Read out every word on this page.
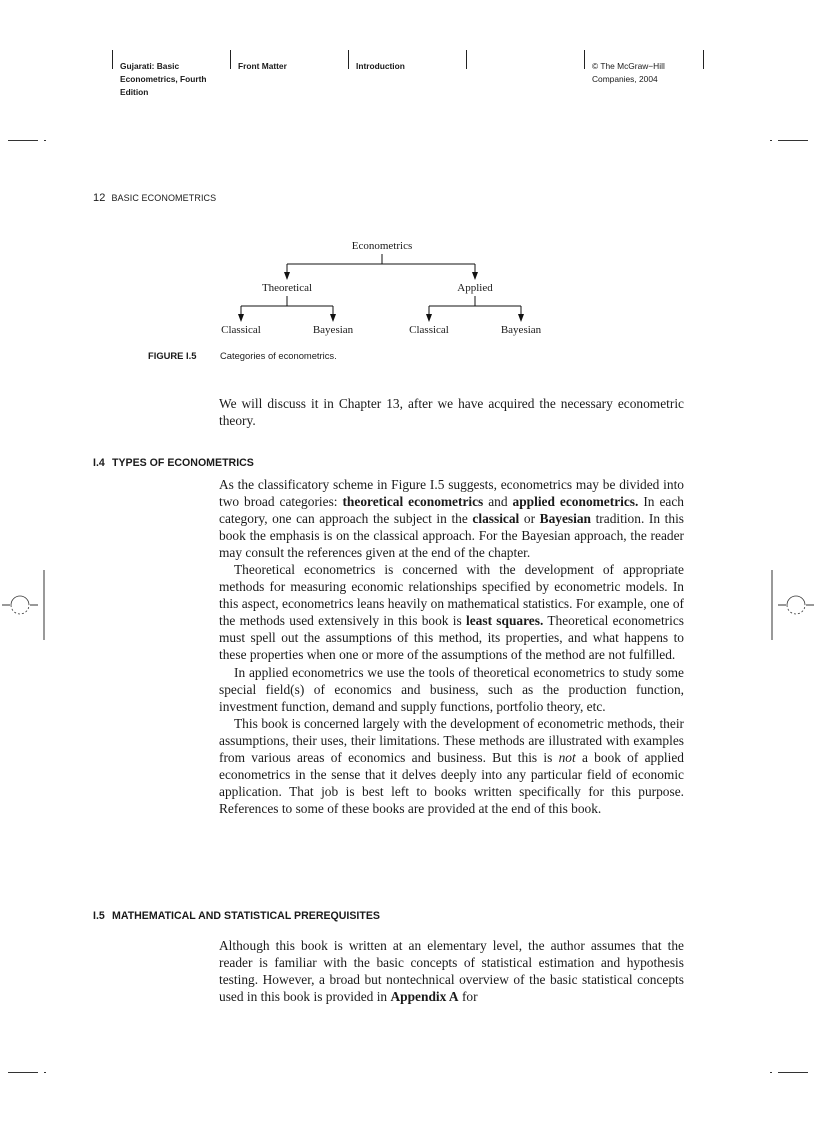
Gujarati: Basic
Econometrics, Fourth
Edition
Front Matter	Introduction	© The McGraw−Hill
Companies, 2004
12 BASIC ECONOMETRICS
Econometrics
Theoretical	Applied
Classical	Bayesian	Classical	Bayesian
FIGURE I.5	Categories of econometrics.

We will discuss it in Chapter 13, after we have acquired the necessary econometric theory.

I.4 TYPES OF ECONOMETRICS

As the classificatory scheme in Figure I.5 suggests, econometrics may be divided into two broad categories: theoretical econometrics and applied econometrics. In each category, one can approach the subject in the classical or Bayesian tradition. In this book the emphasis is on the classical approach. For the Bayesian approach, the reader may consult the references given at the end of the chapter.

Theoretical econometrics is concerned with the development of appropriate methods for measuring economic relationships specified by econometric models. In this aspect, econometrics leans heavily on mathematical statistics. For example, one of the methods used extensively in this book is least squares. Theoretical econometrics must spell out the assumptions of this method, its properties, and what happens to these properties when one or more of the assumptions of the method are not fulfilled.

In applied econometrics we use the tools of theoretical econometrics to study some special field(s) of economics and business, such as the production function, investment function, demand and supply functions, portfolio theory, etc.

This book is concerned largely with the development of econometric methods, their assumptions, their uses, their limitations. These methods are illustrated with examples from various areas of economics and business. But this is not a book of applied econometrics in the sense that it delves deeply into any particular field of economic application. That job is best left to books written specifically for this purpose. References to some of these books are provided at the end of this book.

I.5 MATHEMATICAL AND STATISTICAL PREREQUISITES

Although this book is written at an elementary level, the author assumes that the reader is familiar with the basic concepts of statistical estimation and hypothesis testing. However, a broad but nontechnical overview of the basic statistical concepts used in this book is provided in Appendix A for
